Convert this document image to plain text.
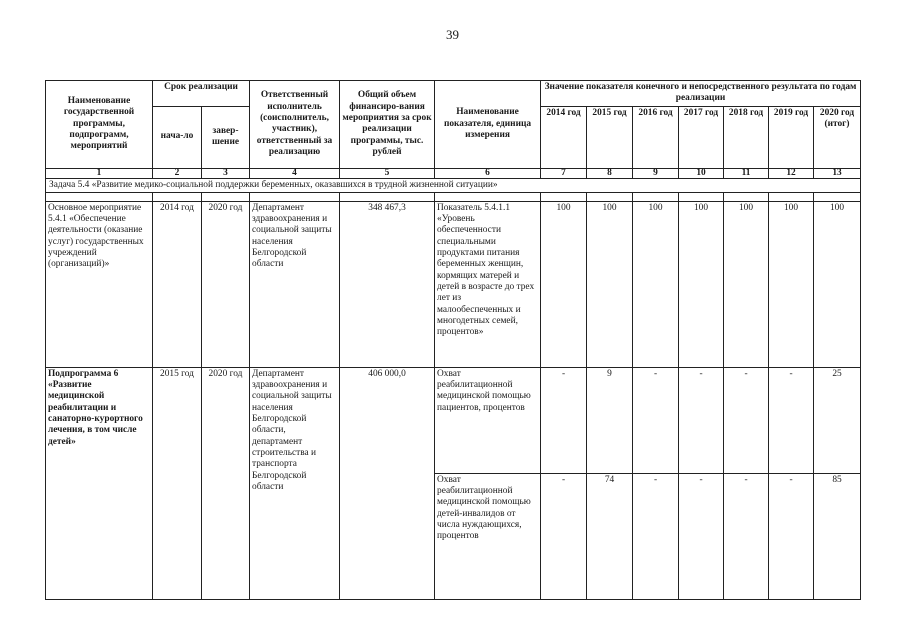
39
Наименование государственной программы, подпрограмм, мероприятий	Срок реализации		Ответственный исполнитель (соисполнитель, участник), ответственный за реализацию	Общий объем финансиро-вания мероприятия за срок реализации программы, тыс. рублей	Наименование показателя, единица измерения	Значение показателя конечного и непосредственного результата по годам реализации						
	нача-ло	завер-шение				2014 год	2015 год	2016 год	2017 год	2018 год	2019 год	2020 год (итог)
1	2	3	4	5	6	7	8	9	10	11	12	13
Задача 5.4 «Развитие медико-социальной поддержки беременных, оказавшихся в трудной жизненной ситуации»												

Основное мероприятие 5.4.1 «Обеспечение деятельности (оказание услуг) государственных учреждений (организаций)»	2014 год	2020 год	Департамент здравоохранения и социальной защиты населения Белгородской области	348 467,3	Показатель 5.4.1.1 «Уровень обеспеченности специальными продуктами питания беременных женщин, кормящих матерей и детей в возрасте до трех лет из малообеспеченных и многодетных семей, процентов»	100	100	100	100	100	100	100
Подпрограмма 6 «Развитие медицинской реабилитации и санаторно-курортного лечения, в том числе детей»	2015 год	2020 год	Департамент здравоохранения и социальной защиты населения Белгородской области, департамент строительства и транспорта Белгородской области	406 000,0	Охват реабилитационной медицинской помощью пациентов, процентов	-	9	-	-	-	-	25
					Охват реабилитационной медицинской помощью детей-инвалидов от числа нуждающихся, процентов	-	74	-	-	-	-	85
